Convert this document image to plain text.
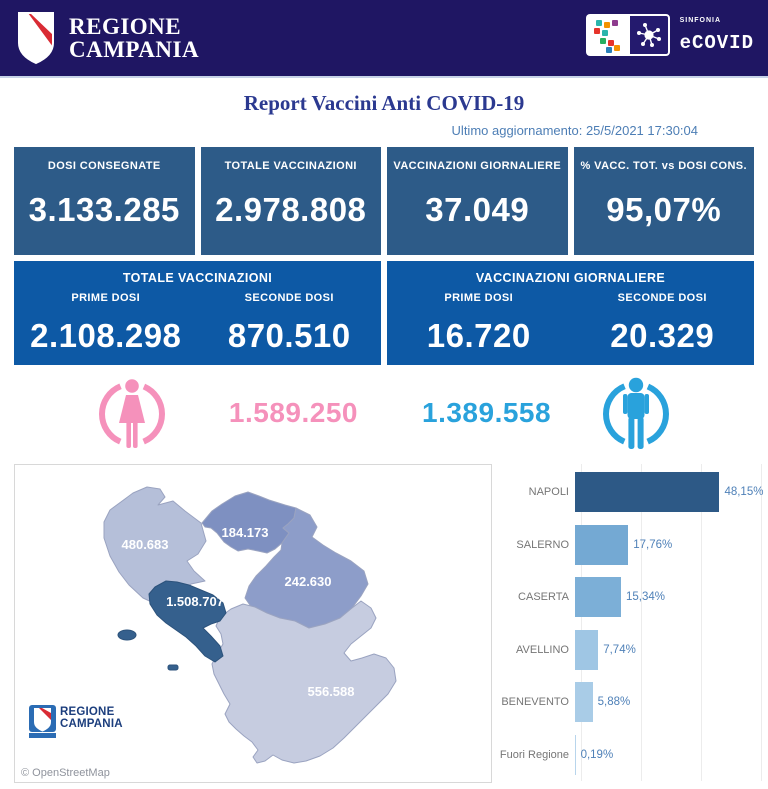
REGIONE
CAMPANIA
SINFONIA
eCOVID
Report Vaccini Anti COVID-19
Ultimo aggiornamento: 25/5/2021 17:30:04
DOSI CONSEGNATE
3.133.285
TOTALE VACCINAZIONI
2.978.808
VACCINAZIONI GIORNALIERE
37.049
% VACC. TOT. vs DOSI CONS.
95,07%
TOTALE VACCINAZIONI
PRIME DOSI
2.108.298
SECONDE DOSI
870.510
VACCINAZIONI GIORNALIERE
PRIME DOSI
16.720
SECONDE DOSI
20.329
1.589.250 1.389.558
480.683
184.173
242.630
556.588
1.508.707
REGIONE
CAMPANIA
© OpenStreetMap
NAPOLI	48,15%
SALERNO	17,76%
CASERTA	15,34%
AVELLINO	7,74%
BENEVENTO	5,88%
Fuori Regione	0,19%
